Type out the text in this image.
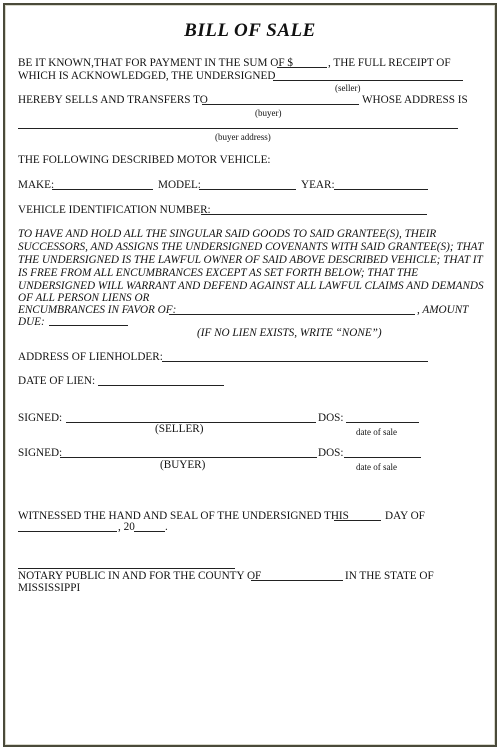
BILL OF SALE
BE IT KNOWN,THAT FOR PAYMENT IN THE SUM OF $	, THE FULL RECEIPT OF
WHICH IS ACKNOWLEDGED, THE UNDERSIGNED
(seller)
HEREBY SELLS AND TRANSFERS TO	WHOSE ADDRESS IS
(buyer)
(buyer address)
THE FOLLOWING DESCRIBED MOTOR VEHICLE:
MAKE:	MODEL:	YEAR:
VEHICLE IDENTIFICATION NUMBER:
TO HAVE AND HOLD ALL THE SINGULAR SAID GOODS TO SAID GRANTEE(S), THEIR
SUCCESSORS, AND ASSIGNS THE UNDERSIGNED COVENANTS WITH SAID GRANTEE(S); THAT
THE UNDERSIGNED IS THE LAWFUL OWNER OF SAID ABOVE DESCRIBED VEHICLE; THAT IT
IS FREE FROM ALL ENCUMBRANCES EXCEPT AS SET FORTH BELOW; THAT THE
UNDERSIGNED WILL WARRANT AND DEFEND AGAINST ALL LAWFUL CLAIMS AND DEMANDS
OF ALL PERSON LIENS OR
ENCUMBRANCES IN FAVOR OF:	, AMOUNT
DUE:
(IF NO LIEN EXISTS, WRITE “NONE”)
ADDRESS OF LIENHOLDER:
DATE OF LIEN:
SIGNED:	DOS:
(SELLER)	date of sale
SIGNED:	DOS:
(BUYER)	date of sale
WITNESSED THE HAND AND SEAL OF THE UNDERSIGNED THIS	DAY OF
, 20	.
NOTARY PUBLIC IN AND FOR THE COUNTY OF	IN THE STATE OF
MISSISSIPPI
